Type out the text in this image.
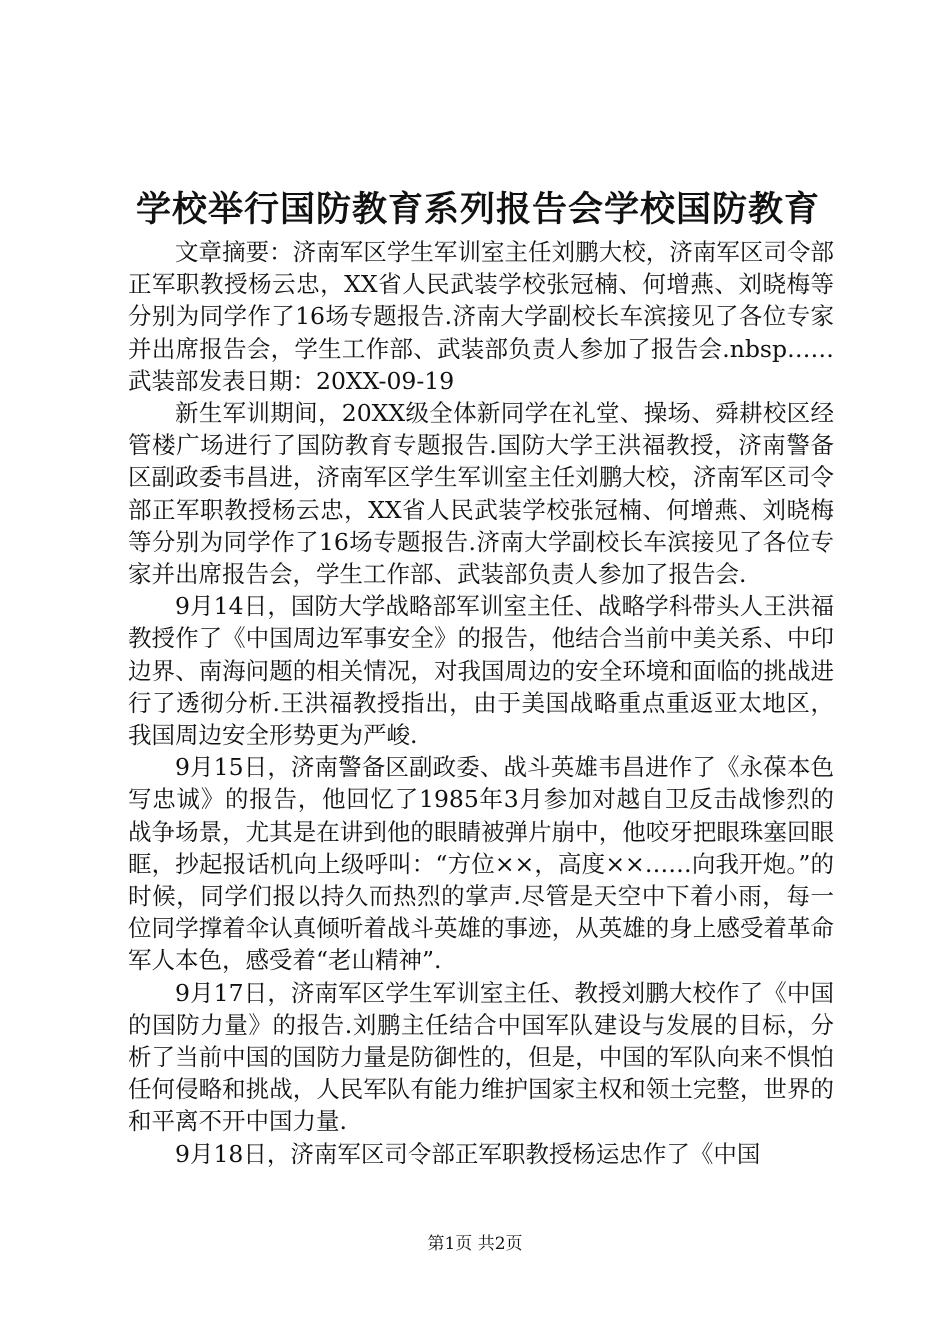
学校举行国防教育系列报告会学校国防教育

文章摘要：济南军区学生军训室主任刘鹏大校，济南军区司令部正军职教授杨云忠，XX省人民武装学校张冠楠、何增燕、刘晓梅等分别为同学作了16场专题报告.济南大学副校长车滨接见了各位专家并出席报告会，学生工作部、武装部负责人参加了报告会.nbsp……武装部发表日期：20XX-09-19

新生军训期间，20XX级全体新同学在礼堂、操场、舜耕校区经管楼广场进行了国防教育专题报告.国防大学王洪福教授，济南警备区副政委韦昌进，济南军区学生军训室主任刘鹏大校，济南军区司令部正军职教授杨云忠，XX省人民武装学校张冠楠、何增燕、刘晓梅等分别为同学作了16场专题报告.济南大学副校长车滨接见了各位专家并出席报告会，学生工作部、武装部负责人参加了报告会.

9月14日，国防大学战略部军训室主任、战略学科带头人王洪福教授作了《中国周边军事安全》的报告，他结合当前中美关系、中印边界、南海问题的相关情况，对我国周边的安全环境和面临的挑战进行了透彻分析.王洪福教授指出，由于美国战略重点重返亚太地区，我国周边安全形势更为严峻.

9月15日，济南警备区副政委、战斗英雄韦昌进作了《永葆本色写忠诚》的报告，他回忆了1985年3月参加对越自卫反击战惨烈的战争场景，尤其是在讲到他的眼睛被弹片崩中，他咬牙把眼珠塞回眼眶，抄起报话机向上级呼叫：“方位××，高度××……向我开炮。”的时候，同学们报以持久而热烈的掌声.尽管是天空中下着小雨，每一位同学撑着伞认真倾听着战斗英雄的事迹，从英雄的身上感受着革命军人本色，感受着“老山精神”.

9月17日，济南军区学生军训室主任、教授刘鹏大校作了《中国的国防力量》的报告.刘鹏主任结合中国军队建设与发展的目标，分析了当前中国的国防力量是防御性的，但是，中国的军队向来不惧怕任何侵略和挑战，人民军队有能力维护国家主权和领土完整，世界的和平离不开中国力量.

9月18日，济南军区司令部正军职教授杨运忠作了《中国

第1页 共2页
